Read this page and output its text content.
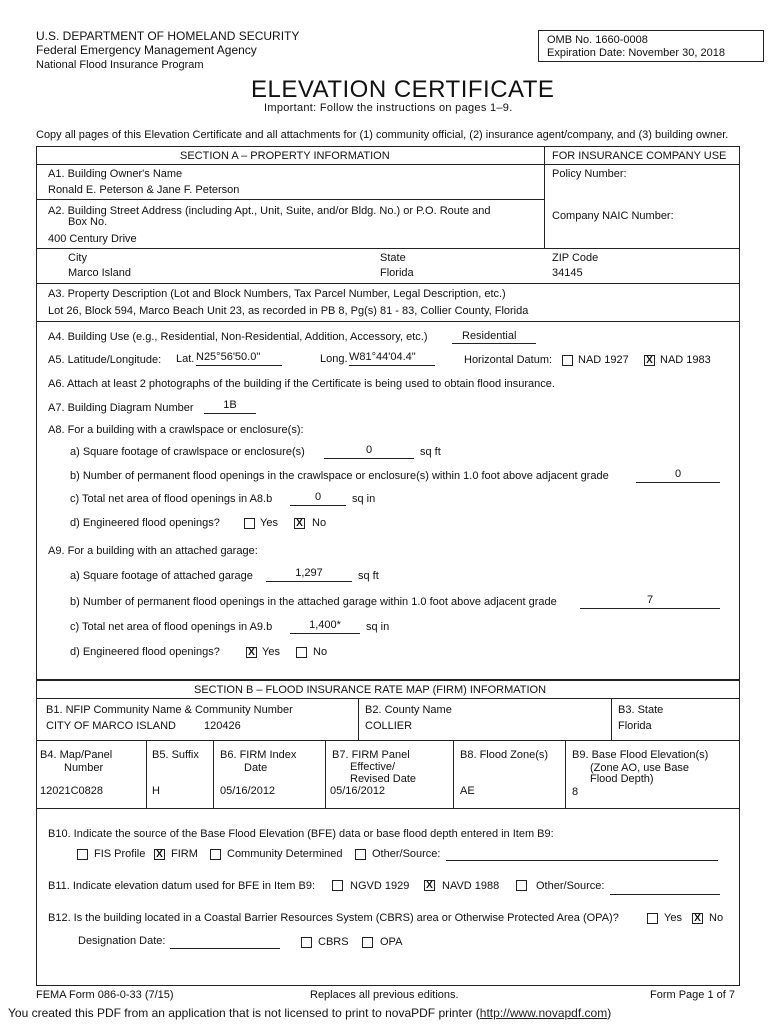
U.S. DEPARTMENT OF HOMELAND SECURITY
Federal Emergency Management Agency
National Flood Insurance Program
OMB No. 1660-0008
Expiration Date: November 30, 2018
ELEVATION CERTIFICATE
Important: Follow the instructions on pages 1–9.
Copy all pages of this Elevation Certificate and all attachments for (1) community official, (2) insurance agent/company, and (3) building owner.
SECTION A – PROPERTY INFORMATION	FOR INSURANCE COMPANY USE
A1. Building Owner's Name
Ronald E. Peterson & Jane F. Peterson
Policy Number:
A2. Building Street Address (including Apt., Unit, Suite, and/or Bldg. No.) or P.O. Route and
Box No.
400 Century Drive
Company NAIC Number:
City
Marco Island
State
Florida
ZIP Code
34145
A3. Property Description (Lot and Block Numbers, Tax Parcel Number, Legal Description, etc.)
Lot 26, Block 594, Marco Beach Unit 23, as recorded in PB 8, Pg(s) 81 - 83, Collier County, Florida
A4. Building Use (e.g., Residential, Non-Residential, Addition, Accessory, etc.)	Residential
A5. Latitude/Longitude: Lat. N25°56'50.0"	Long. W81°44'04.4"	Horizontal Datum: NAD 1927 X NAD 1983
A6. Attach at least 2 photographs of the building if the Certificate is being used to obtain flood insurance.
A7. Building Diagram Number	1B
A8. For a building with a crawlspace or enclosure(s):
a) Square footage of crawlspace or enclosure(s)	0	sq ft
b) Number of permanent flood openings in the crawlspace or enclosure(s) within 1.0 foot above adjacent grade	0
c) Total net area of flood openings in A8.b	0	sq in
d) Engineered flood openings?	Yes X No
A9. For a building with an attached garage:
a) Square footage of attached garage	1,297	sq ft
b) Number of permanent flood openings in the attached garage within 1.0 foot above adjacent grade	7
c) Total net area of flood openings in A9.b	1,400*	sq in
d) Engineered flood openings?	X Yes	No
SECTION B – FLOOD INSURANCE RATE MAP (FIRM) INFORMATION
B1. NFIP Community Name & Community Number
CITY OF MARCO ISLAND	120426
B2. County Name
COLLIER
B3. State
Florida
B4. Map/Panel
Number
12021C0828
B5. Suffix
H
B6. FIRM Index
Date
05/16/2012
B7. FIRM Panel
Effective/
Revised Date
05/16/2012
B8. Flood Zone(s)
AE
B9. Base Flood Elevation(s)
(Zone AO, use Base
Flood Depth)
8
B10. Indicate the source of the Base Flood Elevation (BFE) data or base flood depth entered in Item B9:
FIS Profile X FIRM	Community Determined	Other/Source:
B11. Indicate elevation datum used for BFE in Item B9:	NGVD 1929 X NAVD 1988	Other/Source:
B12. Is the building located in a Coastal Barrier Resources System (CBRS) area or Otherwise Protected Area (OPA)?	Yes X No
Designation Date:	CBRS	OPA
FEMA Form 086-0-33 (7/15)	Replaces all previous editions.	Form Page 1 of 7
You created this PDF from an application that is not licensed to print to novaPDF printer (http://www.novapdf.com)
